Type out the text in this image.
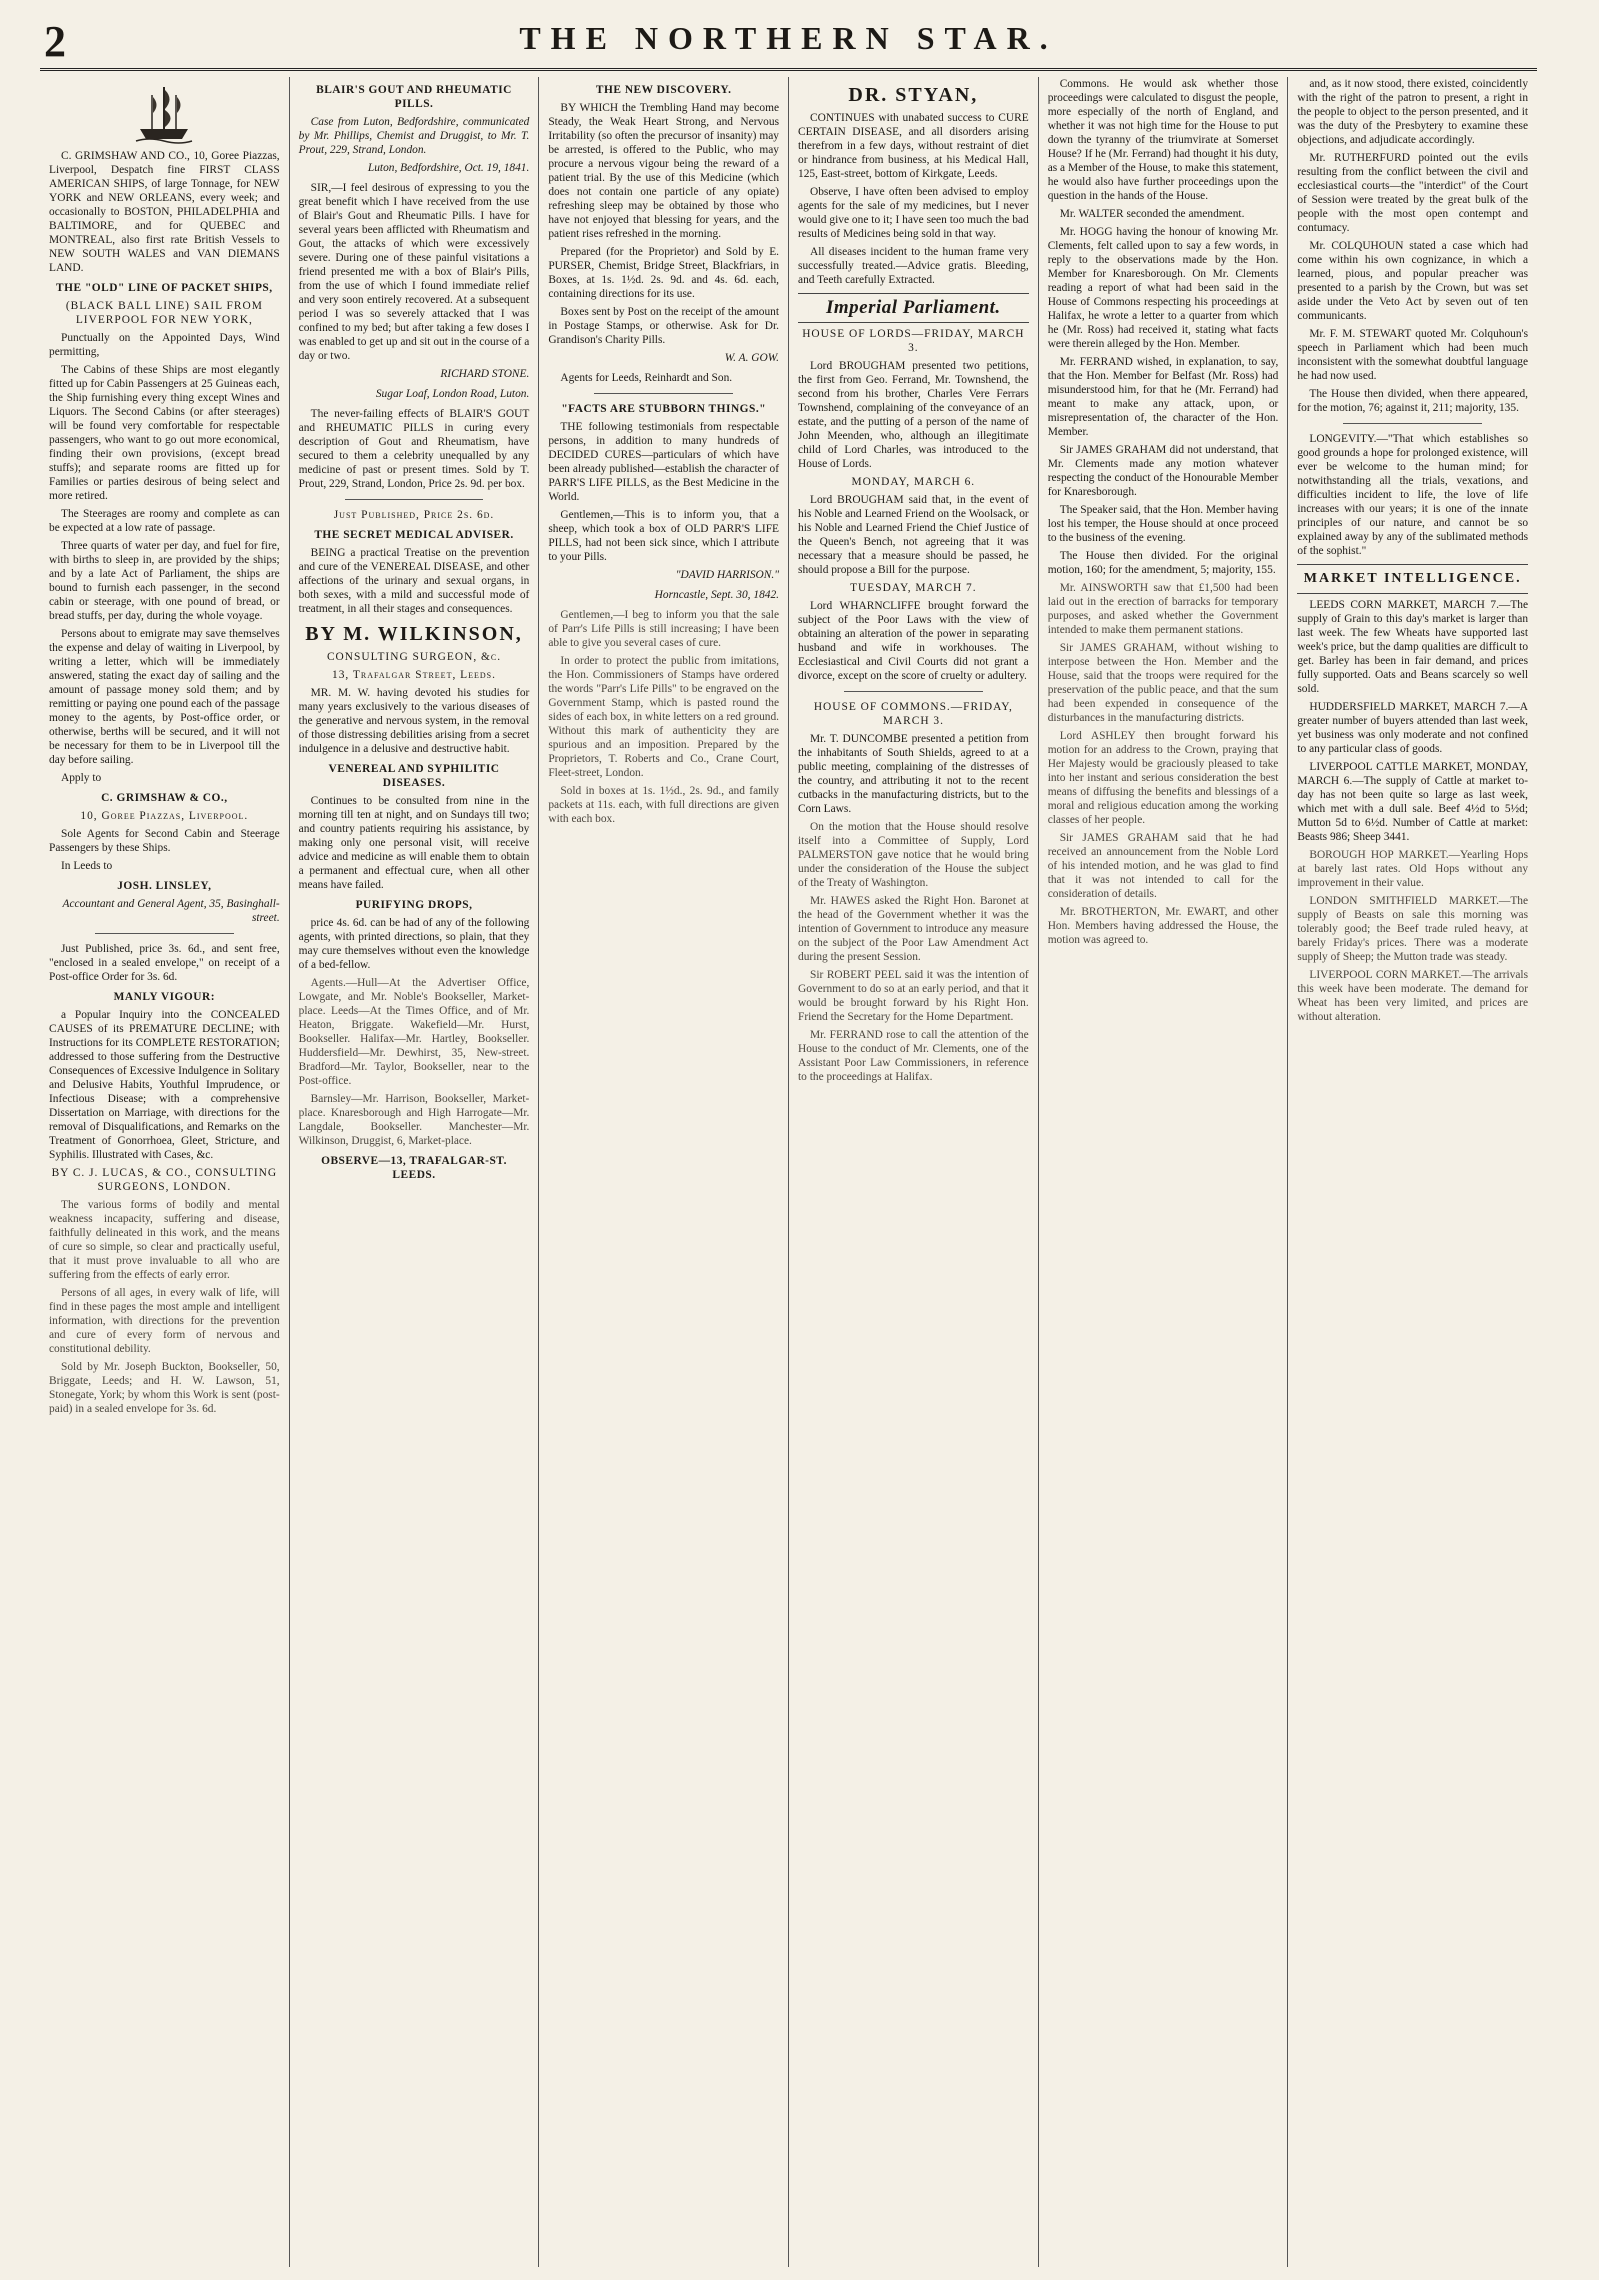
2	THE NORTHERN STAR.

C. GRIMSHAW AND CO., 10, Goree Piazzas, Liverpool, Despatch fine FIRST CLASS AMERICAN SHIPS, of large Tonnage, for NEW YORK and NEW ORLEANS, every week; and occasionally to BOSTON, PHILADELPHIA and BALTIMORE, and for QUEBEC and MONTREAL, also first rate British Vessels to NEW SOUTH WALES and VAN DIEMANS LAND.

THE "OLD" LINE OF PACKET SHIPS,
(BLACK BALL LINE) SAIL FROM LIVERPOOL FOR NEW YORK,

Punctually on the Appointed Days, Wind permitting,

The Cabins of these Ships are most elegantly fitted up for Cabin Passengers at 25 Guineas each, the Ship furnishing every thing except Wines and Liquors. The Second Cabins (or after steerages) will be found very comfortable for respectable passengers, who want to go out more economical, finding their own provisions, (except bread stuffs); and separate rooms are fitted up for Families or parties desirous of being select and more retired.

The Steerages are roomy and complete as can be expected at a low rate of passage.

Three quarts of water per day, and fuel for fire, with births to sleep in, are provided by the ships; and by a late Act of Parliament, the ships are bound to furnish each passenger, in the second cabin or steerage, with one pound of bread, or bread stuffs, per day, during the whole voyage.

Persons about to emigrate may save themselves the expense and delay of waiting in Liverpool, by writing a letter, which will be immediately answered, stating the exact day of sailing and the amount of passage money sold them; and by remitting or paying one pound each of the passage money to the agents, by Post-office order, or otherwise, berths will be secured, and it will not be necessary for them to be in Liverpool till the day before sailing.

Apply to

C. GRIMSHAW & CO.,
10, Goree Piazzas, Liverpool.

Sole Agents for Second Cabin and Steerage Passengers by these Ships.

In Leeds to

JOSH. LINSLEY,
Accountant and General Agent, 35, Basinghall-street.

Just Published, price 3s. 6d., and sent free, "enclosed in a sealed envelope," on receipt of a Post-office Order for 3s. 6d.

MANLY VIGOUR:

a Popular Inquiry into the CONCEALED CAUSES of its PREMATURE DECLINE; with Instructions for its COMPLETE RESTORATION; addressed to those suffering from the Destructive Consequences of Excessive Indulgence in Solitary and Delusive Habits, Youthful Imprudence, or Infectious Disease; with a comprehensive Dissertation on Marriage, with directions for the removal of Disqualifications, and Remarks on the Treatment of Gonorrhoea, Gleet, Stricture, and Syphilis. Illustrated with Cases, &c.

BY C. J. LUCAS, & CO., CONSULTING SURGEONS, LONDON.

The various forms of bodily and mental weakness incapacity, suffering and disease, faithfully delineated in this work, and the means of cure so simple, so clear and practically useful, that it must prove invaluable to all who are suffering from the effects of early error.

Persons of all ages, in every walk of life, will find in these pages the most ample and intelligent information, with directions for the prevention and cure of every form of nervous and constitutional debility.

Sold by Mr. Joseph Buckton, Bookseller, 50, Briggate, Leeds; and H. W. Lawson, 51, Stonegate, York; by whom this Work is sent (post-paid) in a sealed envelope for 3s. 6d.

BLAIR'S GOUT AND RHEUMATIC PILLS.

Case from Luton, Bedfordshire, communicated by Mr. Phillips, Chemist and Druggist, to Mr. T. Prout, 229, Strand, London.

Luton, Bedfordshire, Oct. 19, 1841.

SIR,—I feel desirous of expressing to you the great benefit which I have received from the use of Blair's Gout and Rheumatic Pills. I have for several years been afflicted with Rheumatism and Gout, the attacks of which were excessively severe. During one of these painful visitations a friend presented me with a box of Blair's Pills, from the use of which I found immediate relief and very soon entirely recovered. At a subsequent period I was so severely attacked that I was confined to my bed; but after taking a few doses I was enabled to get up and sit out in the course of a day or two.

RICHARD STONE.
Sugar Loaf, London Road, Luton.

The never-failing effects of BLAIR'S GOUT and RHEUMATIC PILLS in curing every description of Gout and Rheumatism, have secured to them a celebrity unequalled by any medicine of past or present times. Sold by T. Prout, 229, Strand, London, Price 2s. 9d. per box.

Just Published, Price 2s. 6d.
THE SECRET MEDICAL ADVISER.

BEING a practical Treatise on the prevention and cure of the VENEREAL DISEASE, and other affections of the urinary and sexual organs, in both sexes, with a mild and successful mode of treatment, in all their stages and consequences.

BY M. WILKINSON,
CONSULTING SURGEON, &c.
13, Trafalgar Street, Leeds.

MR. M. W. having devoted his studies for many years exclusively to the various diseases of the generative and nervous system, in the removal of those distressing debilities arising from a secret indulgence in a delusive and destructive habit.

VENEREAL AND SYPHILITIC DISEASES.

Continues to be consulted from nine in the morning till ten at night, and on Sundays till two; and country patients requiring his assistance, by making only one personal visit, will receive advice and medicine as will enable them to obtain a permanent and effectual cure, when all other means have failed.

PURIFYING DROPS,

price 4s. 6d. can be had of any of the following agents, with printed directions, so plain, that they may cure themselves without even the knowledge of a bed-fellow.

Agents.—Hull—At the Advertiser Office, Lowgate, and Mr. Noble's Bookseller, Market-place. Leeds—At the Times Office, and of Mr. Heaton, Briggate. Wakefield—Mr. Hurst, Bookseller. Halifax—Mr. Hartley, Bookseller. Huddersfield—Mr. Dewhirst, 35, New-street. Bradford—Mr. Taylor, Bookseller, near to the Post-office.

Barnsley—Mr. Harrison, Bookseller, Market-place. Knaresborough and High Harrogate—Mr. Langdale, Bookseller. Manchester—Mr. Wilkinson, Druggist, 6, Market-place.

OBSERVE—13, TRAFALGAR-ST. LEEDS.
THE NEW DISCOVERY.

BY WHICH the Trembling Hand may become Steady, the Weak Heart Strong, and Nervous Irritability (so often the precursor of insanity) may be arrested, is offered to the Public, who may procure a nervous vigour being the reward of a patient trial. By the use of this Medicine (which does not contain one particle of any opiate) refreshing sleep may be obtained by those who have not enjoyed that blessing for years, and the patient rises refreshed in the morning.

Prepared (for the Proprietor) and Sold by E. PURSER, Chemist, Bridge Street, Blackfriars, in Boxes, at 1s. 1½d. 2s. 9d. and 4s. 6d. each, containing directions for its use.

Boxes sent by Post on the receipt of the amount in Postage Stamps, or otherwise. Ask for Dr. Grandison's Charity Pills.

W. A. GOW.

Agents for Leeds, Reinhardt and Son.

"FACTS ARE STUBBORN THINGS."

THE following testimonials from respectable persons, in addition to many hundreds of DECIDED CURES—particulars of which have been already published—establish the character of PARR'S LIFE PILLS, as the Best Medicine in the World.

Gentlemen,—This is to inform you, that a sheep, which took a box of OLD PARR'S LIFE PILLS, had not been sick since, which I attribute to your Pills.

"DAVID HARRISON."
Horncastle, Sept. 30, 1842.

Gentlemen,—I beg to inform you that the sale of Parr's Life Pills is still increasing; I have been able to give you several cases of cure.

In order to protect the public from imitations, the Hon. Commissioners of Stamps have ordered the words "Parr's Life Pills" to be engraved on the Government Stamp, which is pasted round the sides of each box, in white letters on a red ground. Without this mark of authenticity they are spurious and an imposition. Prepared by the Proprietors, T. Roberts and Co., Crane Court, Fleet-street, London.

Sold in boxes at 1s. 1½d., 2s. 9d., and family packets at 11s. each, with full directions are given with each box.

DR. STYAN,

CONTINUES with unabated success to CURE CERTAIN DISEASE, and all disorders arising therefrom in a few days, without restraint of diet or hindrance from business, at his Medical Hall, 125, East-street, bottom of Kirkgate, Leeds.

Observe, I have often been advised to employ agents for the sale of my medicines, but I never would give one to it; I have seen too much the bad results of Medicines being sold in that way.

All diseases incident to the human frame very successfully treated.—Advice gratis. Bleeding, and Teeth carefully Extracted.

Imperial Parliament.
HOUSE OF LORDS—FRIDAY, MARCH 3.

Lord BROUGHAM presented two petitions, the first from Geo. Ferrand, Mr. Townshend, the second from his brother, Charles Vere Ferrars Townshend, complaining of the conveyance of an estate, and the putting of a person of the name of John Meenden, who, although an illegitimate child of Lord Charles, was introduced to the House of Lords.

MONDAY, MARCH 6.

Lord BROUGHAM said that, in the event of his Noble and Learned Friend on the Woolsack, or his Noble and Learned Friend the Chief Justice of the Queen's Bench, not agreeing that it was necessary that a measure should be passed, he should propose a Bill for the purpose.

TUESDAY, MARCH 7.

Lord WHARNCLIFFE brought forward the subject of the Poor Laws with the view of obtaining an alteration of the power in separating husband and wife in workhouses. The Ecclesiastical and Civil Courts did not grant a divorce, except on the score of cruelty or adultery.

HOUSE OF COMMONS.—FRIDAY, MARCH 3.

Mr. T. DUNCOMBE presented a petition from the inhabitants of South Shields, agreed to at a public meeting, complaining of the distresses of the country, and attributing it not to the recent cutbacks in the manufacturing districts, but to the Corn Laws.

On the motion that the House should resolve itself into a Committee of Supply, Lord PALMERSTON gave notice that he would bring under the consideration of the House the subject of the Treaty of Washington.

Mr. HAWES asked the Right Hon. Baronet at the head of the Government whether it was the intention of Government to introduce any measure on the subject of the Poor Law Amendment Act during the present Session.

Sir ROBERT PEEL said it was the intention of Government to do so at an early period, and that it would be brought forward by his Right Hon. Friend the Secretary for the Home Department.

Mr. FERRAND rose to call the attention of the House to the conduct of Mr. Clements, one of the Assistant Poor Law Commissioners, in reference to the proceedings at Halifax.

Commons. He would ask whether those proceedings were calculated to disgust the people, more especially of the north of England, and whether it was not high time for the House to put down the tyranny of the triumvirate at Somerset House? If he (Mr. Ferrand) had thought it his duty, as a Member of the House, to make this statement, he would also have further proceedings upon the question in the hands of the House.

Mr. WALTER seconded the amendment.

Mr. HOGG having the honour of knowing Mr. Clements, felt called upon to say a few words, in reply to the observations made by the Hon. Member for Knaresborough. On Mr. Clements reading a report of what had been said in the House of Commons respecting his proceedings at Halifax, he wrote a letter to a quarter from which he (Mr. Ross) had received it, stating what facts were therein alleged by the Hon. Member.

Mr. FERRAND wished, in explanation, to say, that the Hon. Member for Belfast (Mr. Ross) had misunderstood him, for that he (Mr. Ferrand) had meant to make any attack, upon, or misrepresentation of, the character of the Hon. Member.

Sir JAMES GRAHAM did not understand, that Mr. Clements made any motion whatever respecting the conduct of the Honourable Member for Knaresborough.

The Speaker said, that the Hon. Member having lost his temper, the House should at once proceed to the business of the evening.

The House then divided. For the original motion, 160; for the amendment, 5; majority, 155.

Mr. AINSWORTH saw that £1,500 had been laid out in the erection of barracks for temporary purposes, and asked whether the Government intended to make them permanent stations.

Sir JAMES GRAHAM, without wishing to interpose between the Hon. Member and the House, said that the troops were required for the preservation of the public peace, and that the sum had been expended in consequence of the disturbances in the manufacturing districts.

Lord ASHLEY then brought forward his motion for an address to the Crown, praying that Her Majesty would be graciously pleased to take into her instant and serious consideration the best means of diffusing the benefits and blessings of a moral and religious education among the working classes of her people.

Sir JAMES GRAHAM said that he had received an announcement from the Noble Lord of his intended motion, and he was glad to find that it was not intended to call for the consideration of details.

Mr. BROTHERTON, Mr. EWART, and other Hon. Members having addressed the House, the motion was agreed to.

and, as it now stood, there existed, coincidently with the right of the patron to present, a right in the people to object to the person presented, and it was the duty of the Presbytery to examine these objections, and adjudicate accordingly.

Mr. RUTHERFURD pointed out the evils resulting from the conflict between the civil and ecclesiastical courts—the "interdict" of the Court of Session were treated by the great bulk of the people with the most open contempt and contumacy.

Mr. COLQUHOUN stated a case which had come within his own cognizance, in which a learned, pious, and popular preacher was presented to a parish by the Crown, but was set aside under the Veto Act by seven out of ten communicants.

Mr. F. M. STEWART quoted Mr. Colquhoun's speech in Parliament which had been much inconsistent with the somewhat doubtful language he had now used.

The House then divided, when there appeared, for the motion, 76; against it, 211; majority, 135.

LONGEVITY.—"That which establishes so good grounds a hope for prolonged existence, will ever be welcome to the human mind; for notwithstanding all the trials, vexations, and difficulties incident to life, the love of life increases with our years; it is one of the innate principles of our nature, and cannot be so explained away by any of the sublimated methods of the sophist."

MARKET INTELLIGENCE.

LEEDS CORN MARKET, MARCH 7.—The supply of Grain to this day's market is larger than last week. The few Wheats have supported last week's price, but the damp qualities are difficult to get. Barley has been in fair demand, and prices fully supported. Oats and Beans scarcely so well sold.

HUDDERSFIELD MARKET, MARCH 7.—A greater number of buyers attended than last week, yet business was only moderate and not confined to any particular class of goods.

LIVERPOOL CATTLE MARKET, MONDAY, MARCH 6.—The supply of Cattle at market to-day has not been quite so large as last week, which met with a dull sale. Beef 4½d to 5½d; Mutton 5d to 6½d. Number of Cattle at market: Beasts 986; Sheep 3441.

BOROUGH HOP MARKET.—Yearling Hops at barely last rates. Old Hops without any improvement in their value.

LONDON SMITHFIELD MARKET.—The supply of Beasts on sale this morning was tolerably good; the Beef trade ruled heavy, at barely Friday's prices. There was a moderate supply of Sheep; the Mutton trade was steady.

LIVERPOOL CORN MARKET.—The arrivals this week have been moderate. The demand for Wheat has been very limited, and prices are without alteration.
